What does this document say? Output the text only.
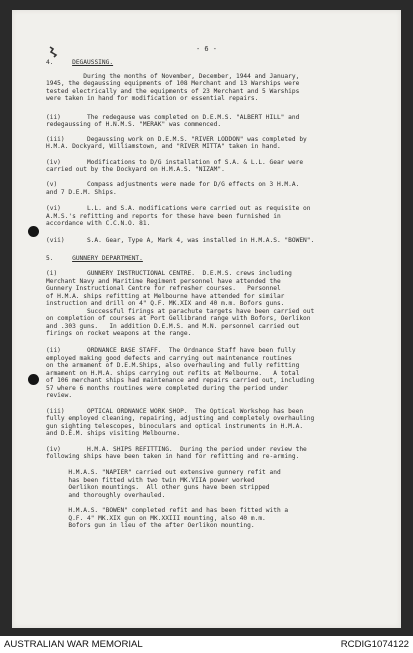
- 6 -
4.	DEGAUSSING.
5.	GUNNERY DEPARTMENT.
During the months of November, December, 1944 and January,
1945, the degaussing equipments of 108 Merchant and 13 Warships were
tested electrically and the equipments of 23 Merchant and 5 Warships
were taken in hand for modification or essential repairs.
(ii)       The redegause was completed on D.E.M.S. "ALBERT HILL" and
redegaussing of H.N.M.S. "MERAK" was commenced.
(iii)      Degaussing work on D.E.M.S. "RIVER LODDON" was completed by
H.M.A. Dockyard, Williamstown, and "RIVER MITTA" taken in hand.
(iv)       Modifications to D/G installation of S.A. & L.L. Gear were
carried out by the Dockyard on H.M.A.S. "NIZAM".
(v)        Compass adjustments were made for D/G effects on 3 H.M.A.
and 7 D.E.M. Ships.
(vi)       L.L. and S.A. modifications were carried out as requisite on
A.M.S.'s refitting and reports for these have been furnished in
accordance with C.C.N.O. 81.
(vii)      S.A. Gear, Type A, Mark 4, was installed in H.M.A.S. "BOWEN".
(i)        GUNNERY INSTRUCTIONAL CENTRE.  D.E.M.S. crews including
Merchant Navy and Maritime Regiment personnel have attended the
Gunnery Instructional Centre for refresher courses.   Personnel
of H.M.A. ships refitting at Melbourne have attended for similar
instruction and drill on 4" Q.F. MK.XIX and 40 m.m. Bofors guns.
Successful firings at parachute targets have been carried out
on completion of courses at Port Gellibrand range with Bofors, Oerlikon
and .303 guns.   In addition D.E.M.S. and M.N. personnel carried out
firings on rocket weapons at the range.
(ii)       ORDNANCE BASE STAFF.  The Ordnance Staff have been fully
employed making good defects and carrying out maintenance routines
on the armament of D.E.M.Ships, also overhauling and fully refitting
armament on H.M.A. ships carrying out refits at Melbourne.   A total
of 106 merchant ships had maintenance and repairs carried out, including
57 where 6 months routines were completed during the period under
review.
(iii)      OPTICAL ORDNANCE WORK SHOP.  The Optical Workshop has been
fully employed cleaning, repairing, adjusting and completely overhauling
gun sighting telescopes, binoculars and optical instruments in H.M.A.
and D.E.M. ships visiting Melbourne.
(iv)       H.M.A. SHIPS REFITTING.  During the period under review the
following ships have been taken in hand for refitting and re-arming.
H.M.A.S. "NAPIER" carried out extensive gunnery refit and
has been fitted with two twin MK.VIIA power worked
Oerlikon mountings.  All other guns have been stripped
and thoroughly overhauled.
H.M.A.S. "BOWEN" completed refit and has been fitted with a
Q.F. 4" MK.XIX gun on MK.XXIII mounting, also 40 m.m.
Bofors gun in lieu of the after Oerlikon mounting.
AUSTRALIAN WAR MEMORIAL	RCDIG1074122
